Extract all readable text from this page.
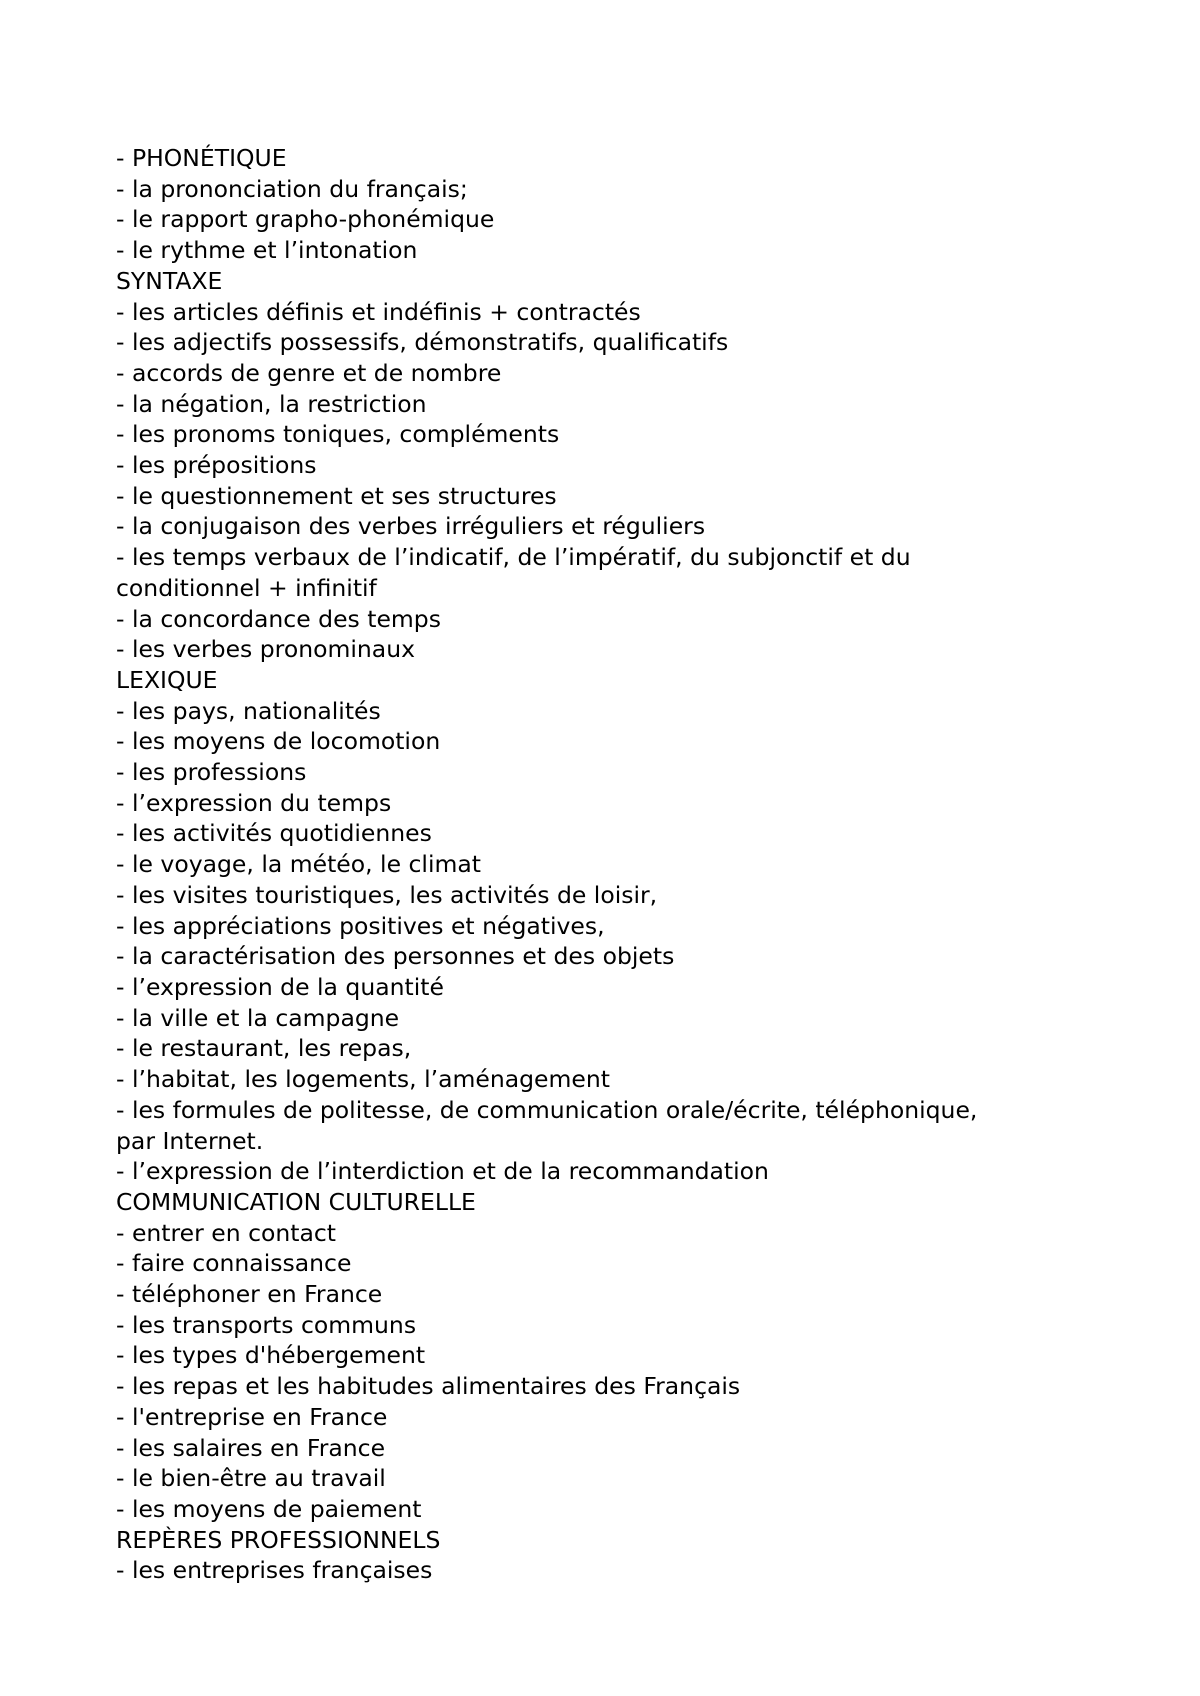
- PHONÉTIQUE
- la prononciation du français;
- le rapport grapho-phonémique
- le rythme et l’intonation
SYNTAXE
- les articles définis et indéfinis + contractés
- les adjectifs possessifs, démonstratifs, qualificatifs
- accords de genre et de nombre
- la négation, la restriction
- les pronoms toniques, compléments
- les prépositions
- le questionnement et ses structures
- la conjugaison des verbes irréguliers et réguliers
- les temps verbaux de l’indicatif, de l’impératif, du subjonctif et du
conditionnel + infinitif
- la concordance des temps
- les verbes pronominaux
LEXIQUE
- les pays, nationalités
- les moyens de locomotion
- les professions
- l’expression du temps
- les activités quotidiennes
- le voyage, la météo, le climat
- les visites touristiques, les activités de loisir,
- les appréciations positives et négatives,
- la caractérisation des personnes et des objets
- l’expression de la quantité
- la ville et la campagne
- le restaurant, les repas,
- l’habitat, les logements, l’aménagement
- les formules de politesse, de communication orale/écrite, téléphonique,
par Internet.
- l’expression de l’interdiction et de la recommandation
COMMUNICATION CULTURELLE
- entrer en contact
- faire connaissance
- téléphoner en France
- les transports communs
- les types d'hébergement
- les repas et les habitudes alimentaires des Français
- l'entreprise en France
- les salaires en France
- le bien-être au travail
- les moyens de paiement
REPÈRES PROFESSIONNELS
- les entreprises françaises
